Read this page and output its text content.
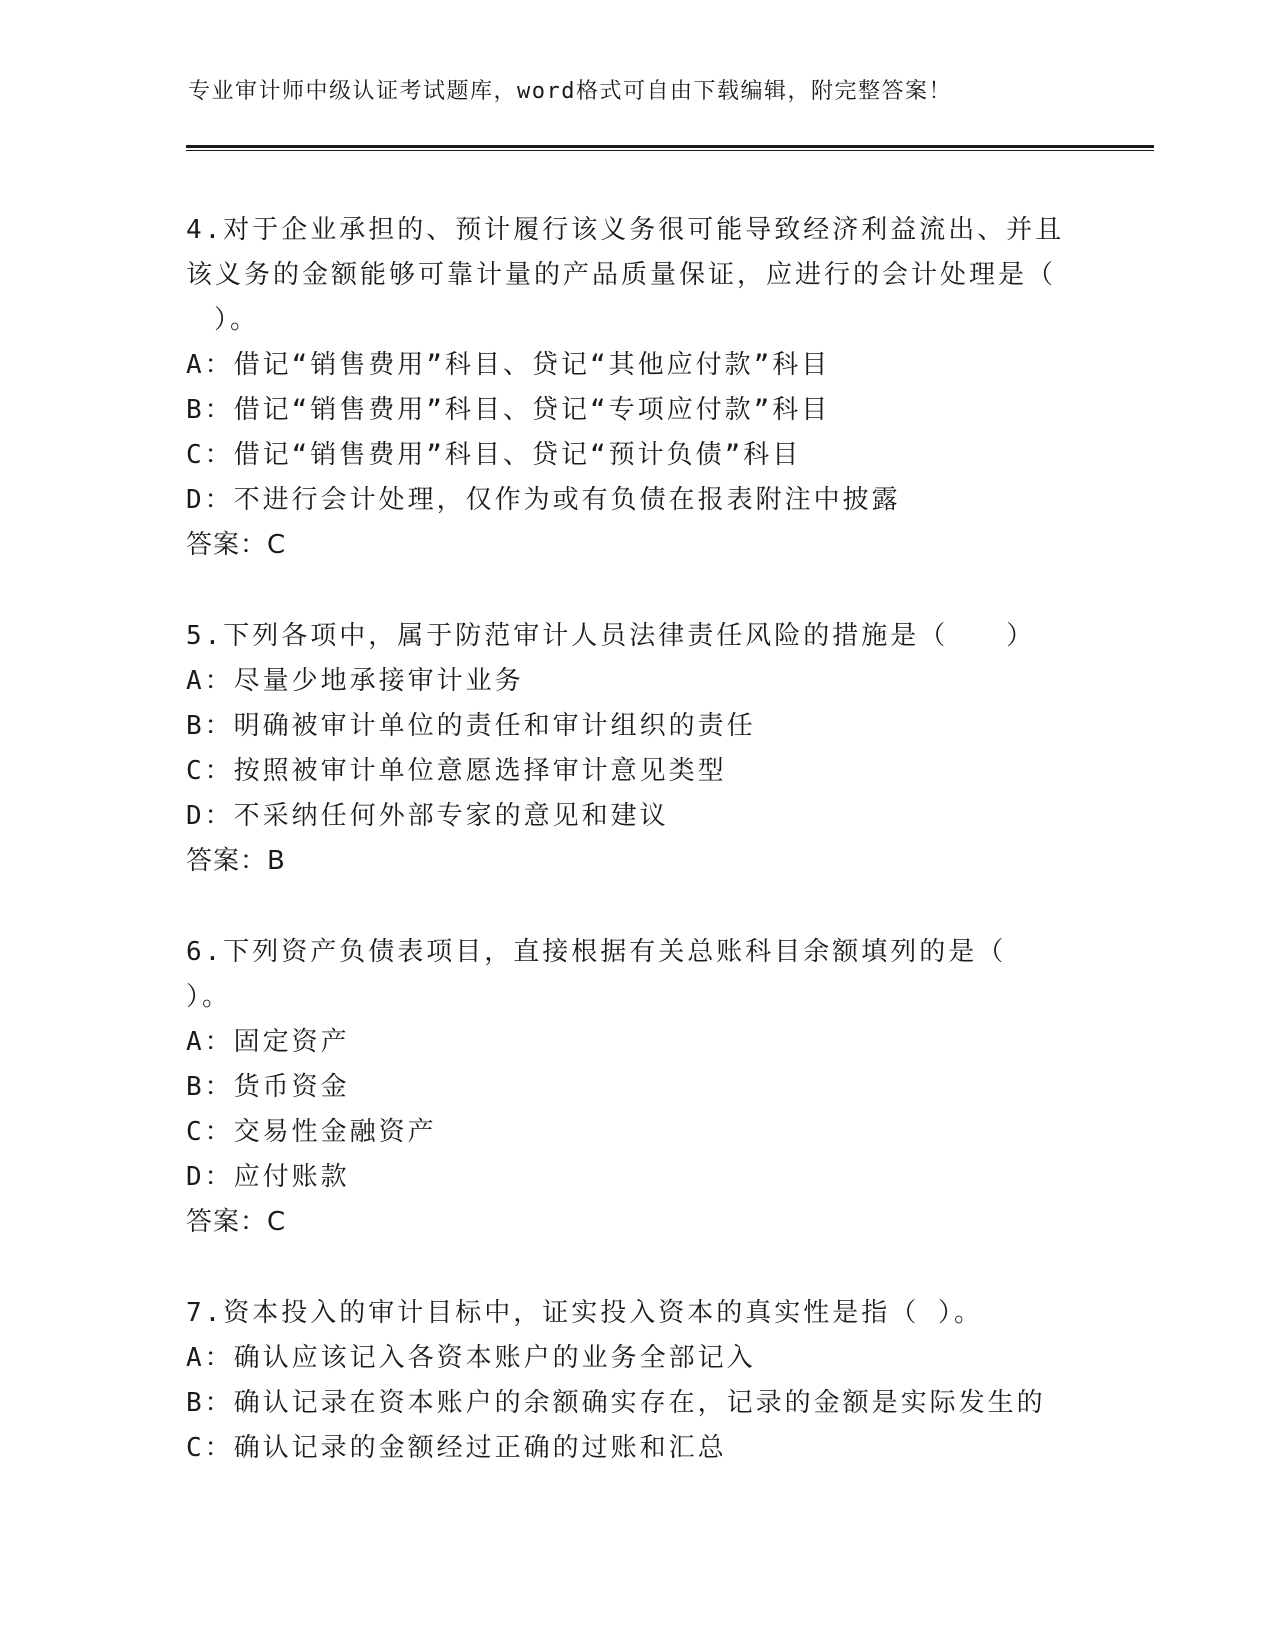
专业审计师中级认证考试题库，word格式可自由下载编辑，附完整答案！
4.对于企业承担的、预计履行该义务很可能导致经济利益流出、并且
该义务的金额能够可靠计量的产品质量保证，应进行的会计处理是（
）。
A：借记“销售费用”科目、贷记“其他应付款”科目
B：借记“销售费用”科目、贷记“专项应付款”科目
C：借记“销售费用”科目、贷记“预计负债”科目
D：不进行会计处理，仅作为或有负债在报表附注中披露
答案：C
5.下列各项中，属于防范审计人员法律责任风险的措施是（　　）
A：尽量少地承接审计业务
B：明确被审计单位的责任和审计组织的责任
C：按照被审计单位意愿选择审计意见类型
D：不采纳任何外部专家的意见和建议
答案：B
6.下列资产负债表项目，直接根据有关总账科目余额填列的是（
）。
A：固定资产
B：货币资金
C：交易性金融资产
D：应付账款
答案：C
7.资本投入的审计目标中，证实投入资本的真实性是指（ ）。
A：确认应该记入各资本账户的业务全部记入
B：确认记录在资本账户的余额确实存在，记录的金额是实际发生的
C：确认记录的金额经过正确的过账和汇总
